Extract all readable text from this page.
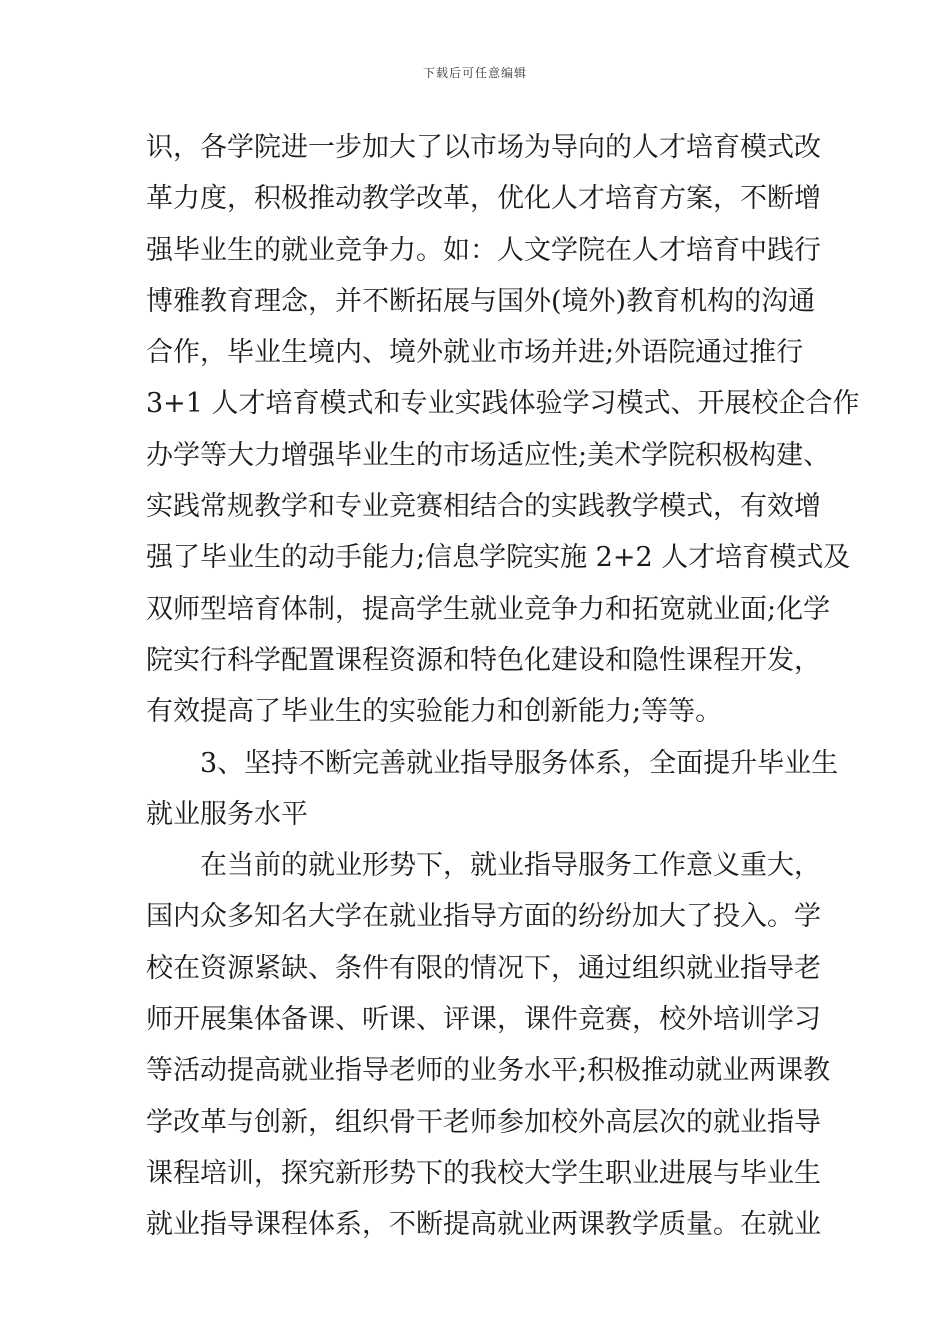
下载后可任意编辑
识，各学院进一步加大了以市场为导向的人才培育模式改
革力度，积极推动教学改革，优化人才培育方案，不断增
强毕业生的就业竞争力。如：人文学院在人才培育中践行
博雅教育理念，并不断拓展与国外(境外)教育机构的沟通
合作，毕业生境内、境外就业市场并进;外语院通过推行
3+1 人才培育模式和专业实践体验学习模式、开展校企合作
办学等大力增强毕业生的市场适应性;美术学院积极构建、
实践常规教学和专业竞赛相结合的实践教学模式，有效增
强了毕业生的动手能力;信息学院实施 2+2 人才培育模式及
双师型培育体制，提高学生就业竞争力和拓宽就业面;化学
院实行科学配置课程资源和特色化建设和隐性课程开发，
有效提高了毕业生的实验能力和创新能力;等等。
3、坚持不断完善就业指导服务体系，全面提升毕业生
就业服务水平
在当前的就业形势下，就业指导服务工作意义重大，
国内众多知名大学在就业指导方面的纷纷加大了投入。学
校在资源紧缺、条件有限的情况下，通过组织就业指导老
师开展集体备课、听课、评课，课件竞赛，校外培训学习
等活动提高就业指导老师的业务水平;积极推动就业两课教
学改革与创新，组织骨干老师参加校外高层次的就业指导
课程培训，探究新形势下的我校大学生职业进展与毕业生
就业指导课程体系，不断提高就业两课教学质量。在就业
